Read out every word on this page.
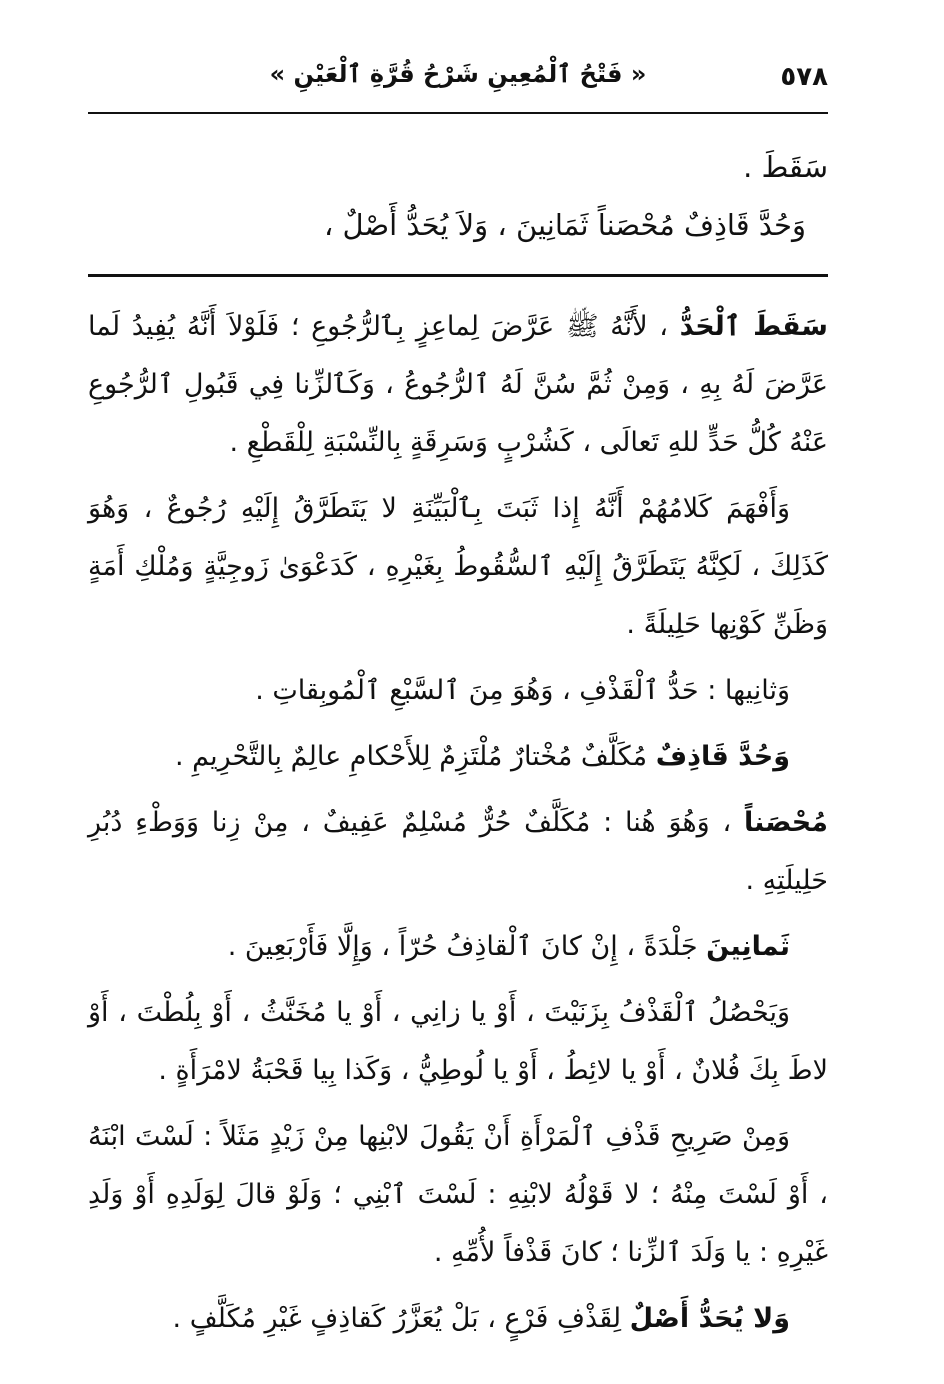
٥٧٨
« فَتْحُ ٱلْمُعِينِ شَرْحُ قُرَّةِ ٱلْعَيْنِ »

سَقَطَ .

وَحُدَّ قَاذِفٌ مُحْصَناً ثَمَانِينَ ، وَلاَ يُحَدُّ أَصْلٌ ،

سَقَطَ ٱلْحَدُّ ، لأَنَّهُ ﷺ عَرَّضَ لِماعِزٍ بِٱلرُّجُوعِ ؛ فَلَوْلاَ أَنَّهُ يُفِيدُ لَما عَرَّضَ لَهُ بِهِ ، وَمِنْ ثُمَّ سُنَّ لَهُ ٱلرُّجُوعُ ، وَكَٱلزِّنا فِي قَبُولِ ٱلرُّجُوعِ عَنْهُ كُلُّ حَدٍّ للهِ تَعالَى ، كَشُرْبٍ وَسَرِقَةٍ بِالنِّسْبَةِ لِلْقَطْعِ .

وَأَفْهَمَ كَلامُهُمْ أَنَّهُ إِذا ثَبَتَ بِٱلْبَيِّنَةِ لا يَتَطَرَّقُ إِلَيْهِ رُجُوعٌ ، وَهُوَ كَذَلِكَ ، لَكِنَّهُ يَتَطَرَّقُ إِلَيْهِ ٱلسُّقُوطُ بِغَيْرِهِ ، كَدَعْوَىٰ زَوجِيَّةٍ وَمُلْكِ أَمَةٍ وَظَنِّ كَوْنِها حَلِيلَةً .

وَثانِيها : حَدُّ ٱلْقَذْفِ ، وَهُوَ مِنَ ٱلسَّبْعِ ٱلْمُوبِقاتِ .

وَحُدَّ قَاذِفٌ مُكَلَّفٌ مُخْتارٌ مُلْتَزِمٌ لِلأَحْكامِ عالِمٌ بِالتَّحْرِيمِ .

مُحْصَناً ، وَهُوَ هُنا : مُكَلَّفٌ حُرٌّ مُسْلِمٌ عَفِيفٌ ، مِنْ زِنا وَوَطْءِ دُبُرِ حَلِيلَتِهِ .

ثَمانِينَ جَلْدَةً ، إِنْ كانَ ٱلْقاذِفُ حُرّاً ، وَإِلَّا فَأَرْبَعِينَ .

وَيَحْصُلُ ٱلْقَذْفُ بِزَنَيْتَ ، أَوْ يا زانِي ، أَوْ يا مُخَنَّثُ ، أَوْ بِلُطْتَ ، أَوْ لاطَ بِكَ فُلانٌ ، أَوْ يا لائِطُ ، أَوْ يا لُوطِيُّ ، وَكَذا بِيا قَحْبَةُ لامْرَأَةٍ .

وَمِنْ صَرِيحِ قَذْفِ ٱلْمَرْأَةِ أَنْ يَقُولَ لابْنِها مِنْ زَيْدٍ مَثَلاً : لَسْتَ ابْنَهُ ، أَوْ لَسْتَ مِنْهُ ؛ لا قَوْلُهُ لابْنِهِ : لَسْتَ ٱبْنِي ؛ وَلَوْ قالَ لِوَلَدِهِ أَوْ وَلَدِ غَيْرِهِ : يا وَلَدَ ٱلزِّنا ؛ كانَ قَذْفاً لأُمِّهِ .

وَلا يُحَدُّ أَصْلٌ لِقَذْفِ فَرْعٍ ، بَلْ يُعَزَّرُ كَقاذِفٍ غَيْرِ مُكَلَّفٍ .
